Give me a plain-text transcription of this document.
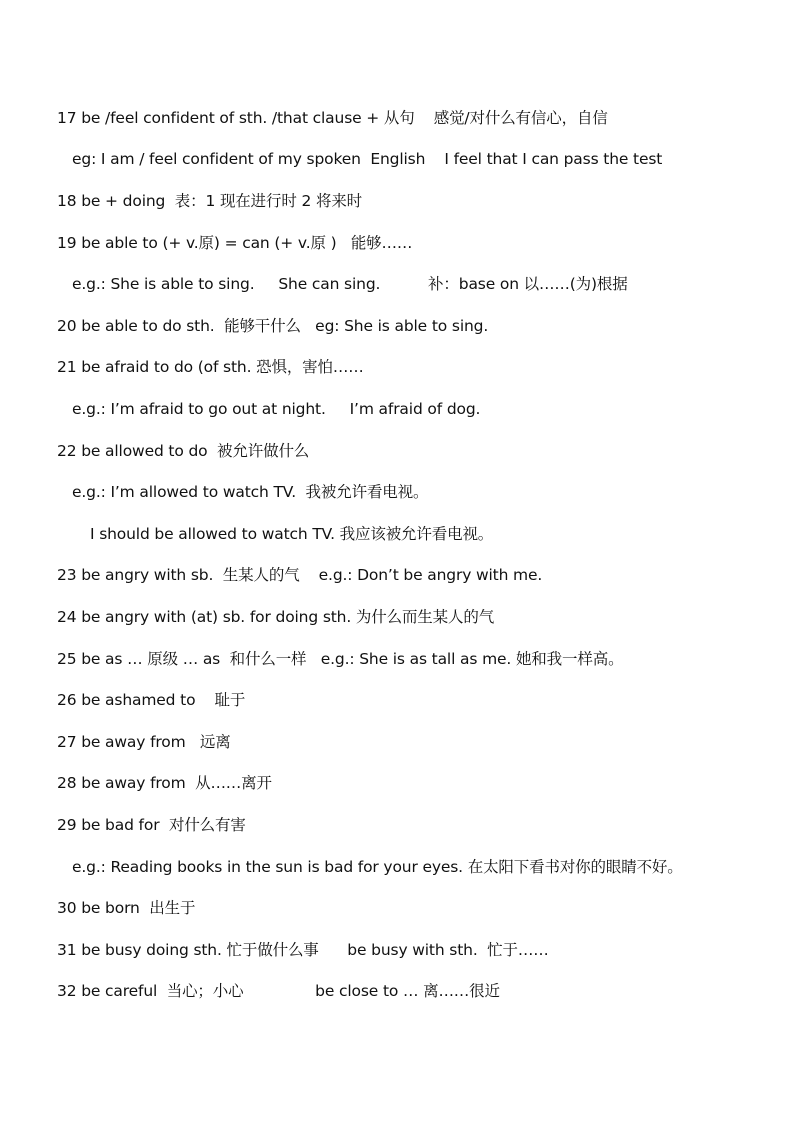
17 be /feel confident of sth. /that clause + 从句    感觉/对什么有信心，自信
eg: I am / feel confident of my spoken  English    I feel that I can pass the test
18 be + doing  表：1 现在进行时 2 将来时
19 be able to (+ v.原) = can (+ v.原 )   能够……
e.g.: She is able to sing.     She can sing.          补：base on 以……(为)根据
20 be able to do sth.  能够干什么   eg: She is able to sing.
21 be afraid to do (of sth. 恐惧，害怕……
e.g.: I’m afraid to go out at night.     I’m afraid of dog.
22 be allowed to do  被允许做什么
e.g.: I’m allowed to watch TV.  我被允许看电视。
I should be allowed to watch TV. 我应该被允许看电视。
23 be angry with sb.  生某人的气    e.g.: Don’t be angry with me.
24 be angry with (at) sb. for doing sth. 为什么而生某人的气
25 be as … 原级 … as  和什么一样   e.g.: She is as tall as me. 她和我一样高。
26 be ashamed to    耻于
27 be away from   远离
28 be away from  从……离开
29 be bad for  对什么有害
e.g.: Reading books in the sun is bad for your eyes. 在太阳下看书对你的眼睛不好。
30 be born  出生于
31 be busy doing sth. 忙于做什么事      be busy with sth.  忙于……
32 be careful  当心；小心               be close to … 离……很近
